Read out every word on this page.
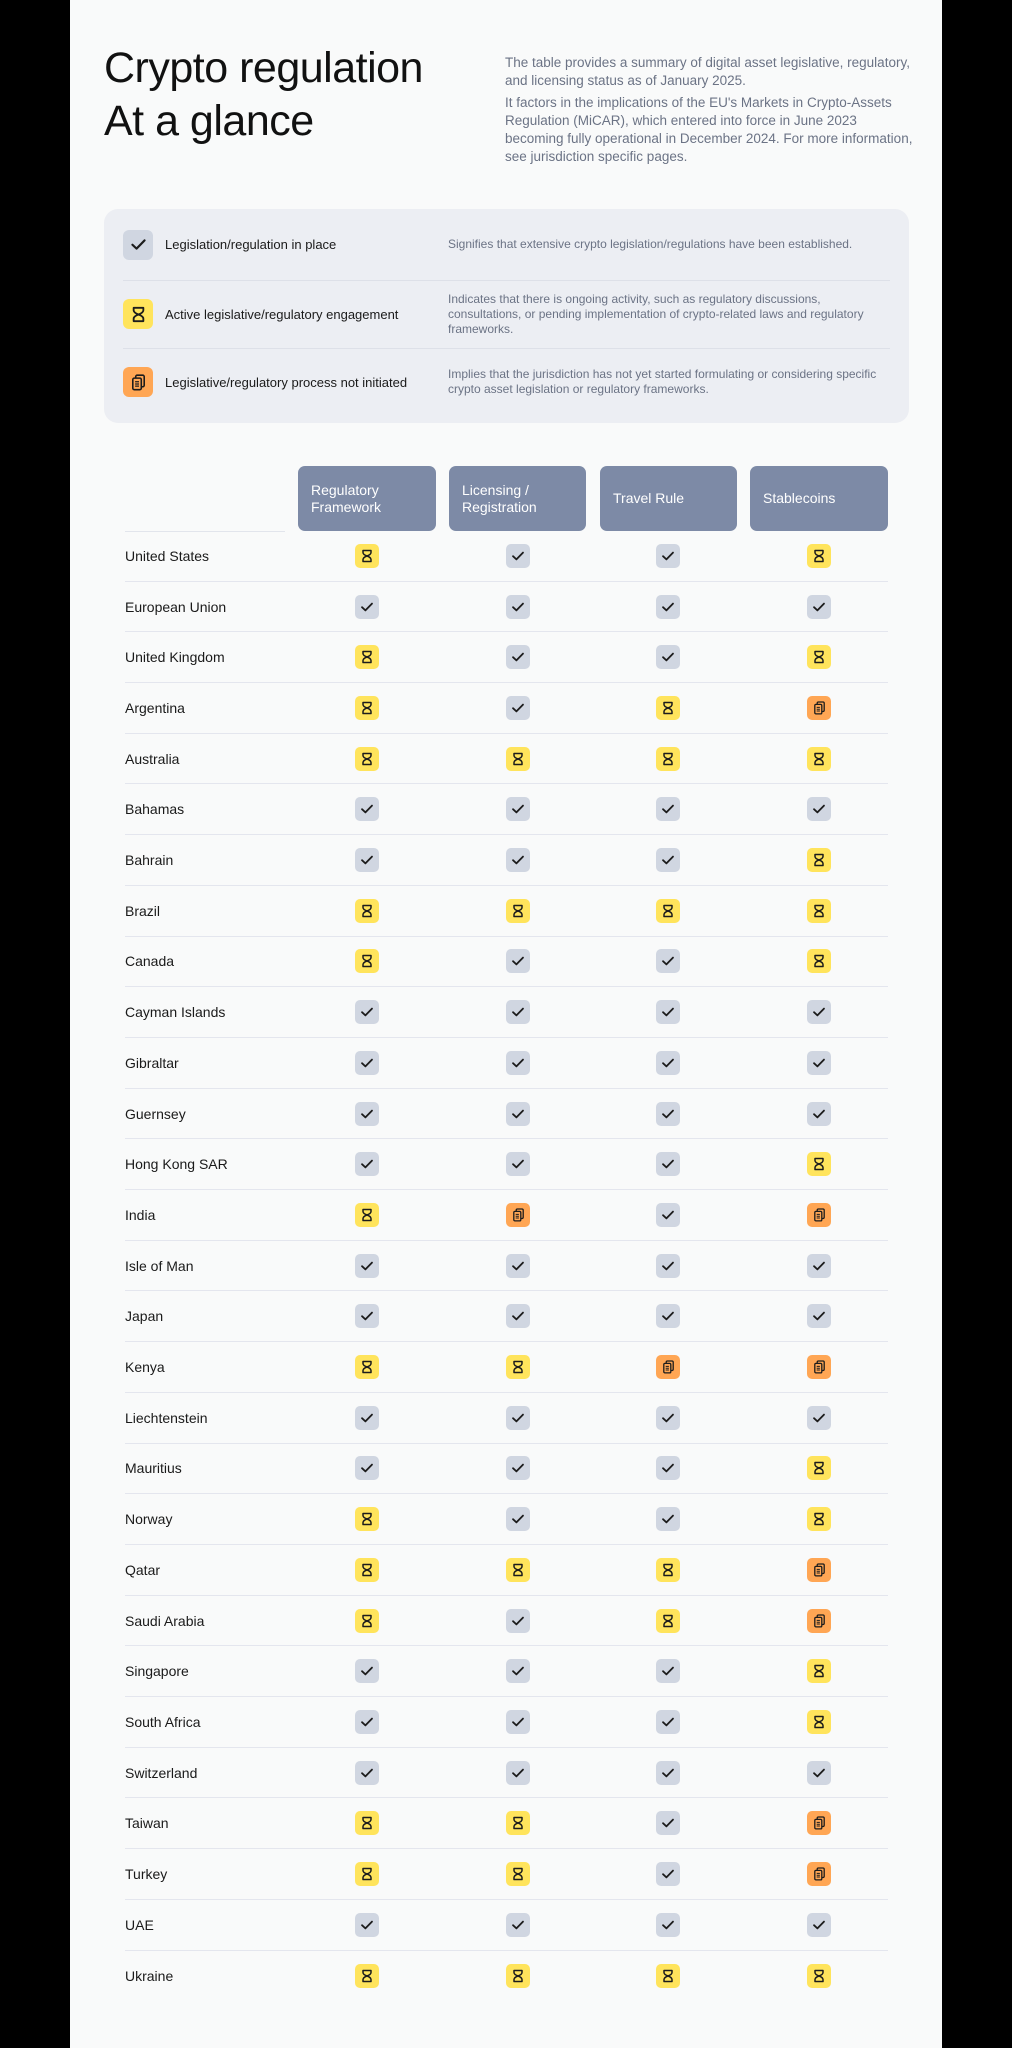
Crypto regulation
At a glance

The table provides a summary of digital asset legislative, regulatory, and licensing status as of January 2025.

It factors in the implications of the EU's Markets in Crypto-Assets Regulation (MiCAR), which entered into force in June 2023 becoming fully operational in December 2024. For more information, see jurisdiction specific pages.

Legislation/regulation in place	Signifies that extensive crypto legislation/regulations have been established.
Active legislative/regulatory engagement
Indicates that there is ongoing activity, such as regulatory discussions, consultations, or pending implementation of crypto-related laws and regulatory frameworks.
Legislative/regulatory process not initiated
Implies that the jurisdiction has not yet started formulating or considering specific crypto asset legislation or regulatory frameworks.
Regulatory Framework
Licensing / Registration
Travel Rule	Stablecoins
United States
European Union
United Kingdom
Argentina
Australia
Bahamas
Bahrain
Brazil
Canada
Cayman Islands
Gibraltar
Guernsey
Hong Kong SAR
India
Isle of Man
Japan
Kenya
Liechtenstein
Mauritius
Norway
Qatar
Saudi Arabia
Singapore
South Africa
Switzerland
Taiwan
Turkey
UAE
Ukraine
